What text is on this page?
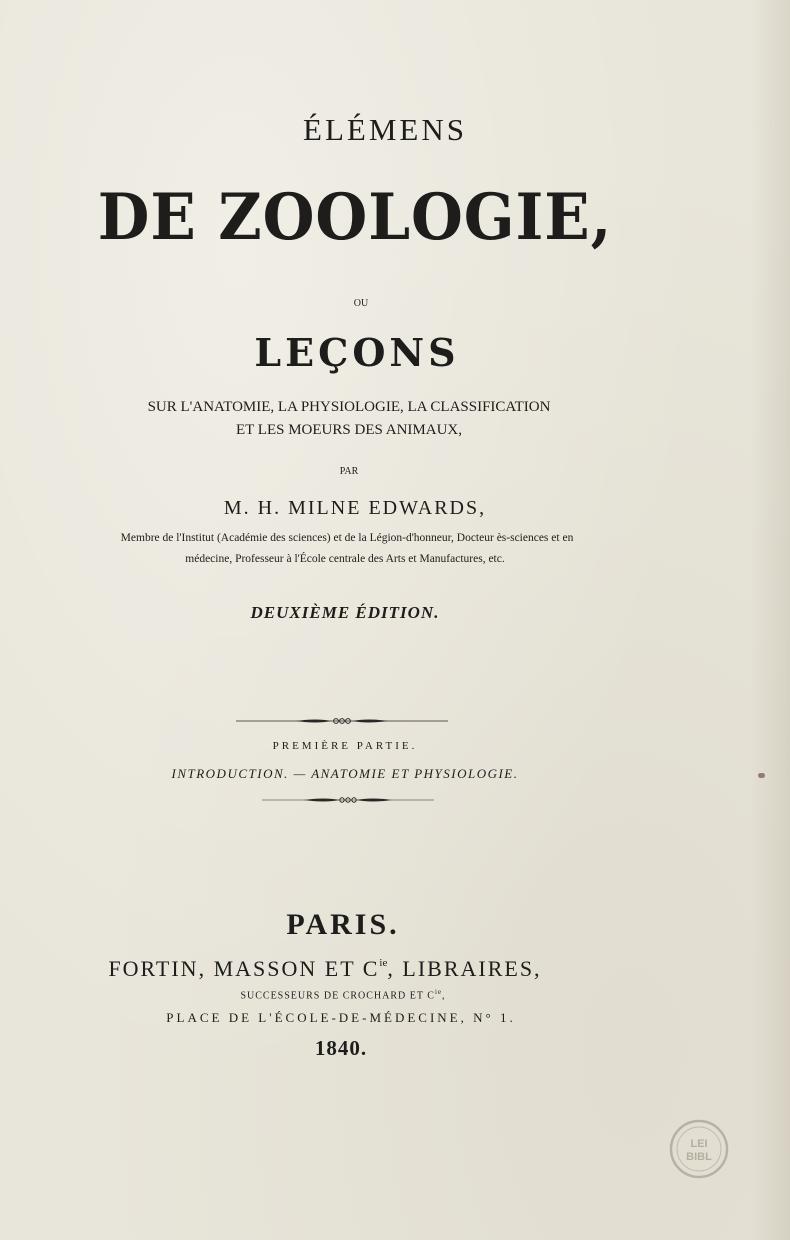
ÉLÉMENS
DE ZOOLOGIE,
OU
LEÇONS
SUR L'ANATOMIE, LA PHYSIOLOGIE, LA CLASSIFICATION
ET LES MOEURS DES ANIMAUX,
PAR
M. H. MILNE EDWARDS,
Membre de l'Institut (Académie des sciences) et de la Légion-d'honneur, Docteur ès-sciences et en
médecine, Professeur à l'École centrale des Arts et Manufactures, etc.
DEUXIÈME ÉDITION.
PREMIÈRE PARTIE.
INTRODUCTION. — ANATOMIE ET PHYSIOLOGIE.
PARIS.
FORTIN, MASSON ET $C^{ie}$, LIBRAIRES,
SUCCESSEURS DE CROCHARD ET $C^{ie}$,
PLACE DE L'ÉCOLE-DE-MÉDECINE, N° 1.
1840.
LEI
BIBL
